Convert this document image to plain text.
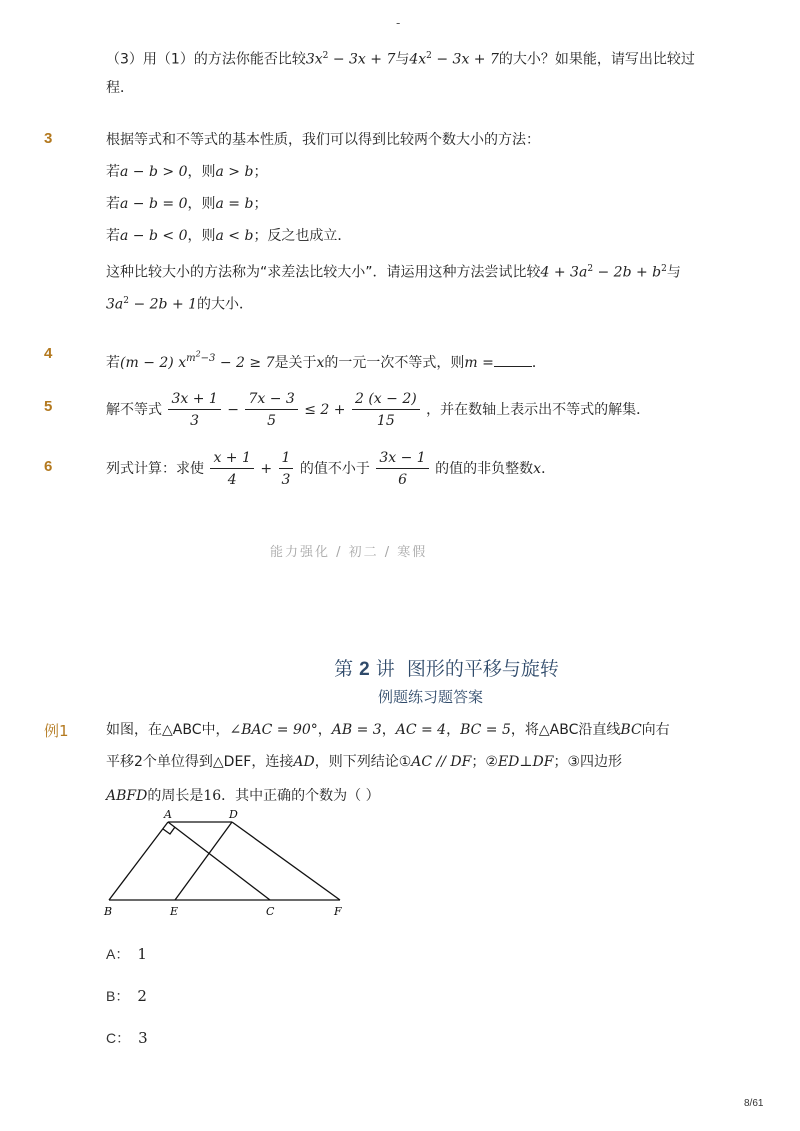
-
（3）用（1）的方法你能否比较$3x^2 - 3x + 7$与$4x^2 - 3x + 7$的大小？如果能，请写出比较过
程．
3	根据等式和不等式的基本性质，我们可以得到比较两个数大小的方法：
若a − b > 0，则a > b；
若a − b = 0，则a = b；
若a − b < 0，则a < b；反之也成立．
这种比较大小的方法称为“求差法比较大小”．请运用这种方法尝试比较$4 + 3a^2 - 2b + b^2$与
$3a^2 - 2b + 1$的大小．
4
若(m − 2) $x^{m^2-3} - 2 \ge 7$是关于x的一元一次不等式，则m =	．
5	解不等式 $\frac{3x + 1}{3} - \frac{7x - 3}{5} \le 2 + \frac{2 (x - 2)}{15}$ ，并在数轴上表示出不等式的解集．
6	列式计算：求使 $\frac{x + 1}{4} + \frac{1}{3}$ 的值不小于 $\frac{3x - 1}{6}$ 的值的非负整数x．
能力强化 / 初二 / 寒假

第 2 讲  图形的平移与旋转

例题练习题答案
例1	如图，在△ABC中，∠BAC = 90°，AB = 3，AC = 4，BC = 5，将△ABC沿直线BC向右
平移2个单位得到△DEF，连接AD，则下列结论①AC // DF；②ED⊥DF；③四边形
ABFD的周长是16．其中正确的个数为（ ）
A	D
B	E	C	F
A： 1
B： 2
C： 3
8/61
